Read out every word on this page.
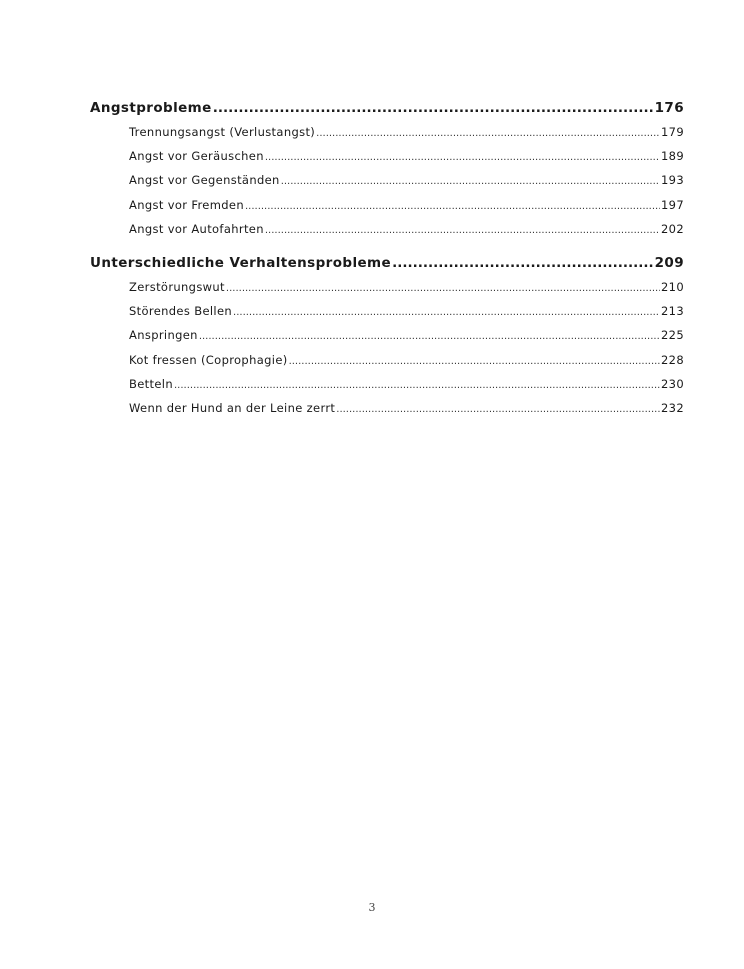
Angstprobleme .....	176
Trennungsangst (Verlustangst) .....	179
Angst vor Geräuschen .....	189
Angst vor Gegenständen .....	193
Angst vor Fremden .....	197
Angst vor Autofahrten .....	202
Unterschiedliche Verhaltensprobleme .....	209
Zerstörungswut .....	210
Störendes Bellen .....	213
Anspringen .....	225
Kot fressen (Coprophagie) .....	228
Betteln .....	230
Wenn der Hund an der Leine zerrt .....	232
3
